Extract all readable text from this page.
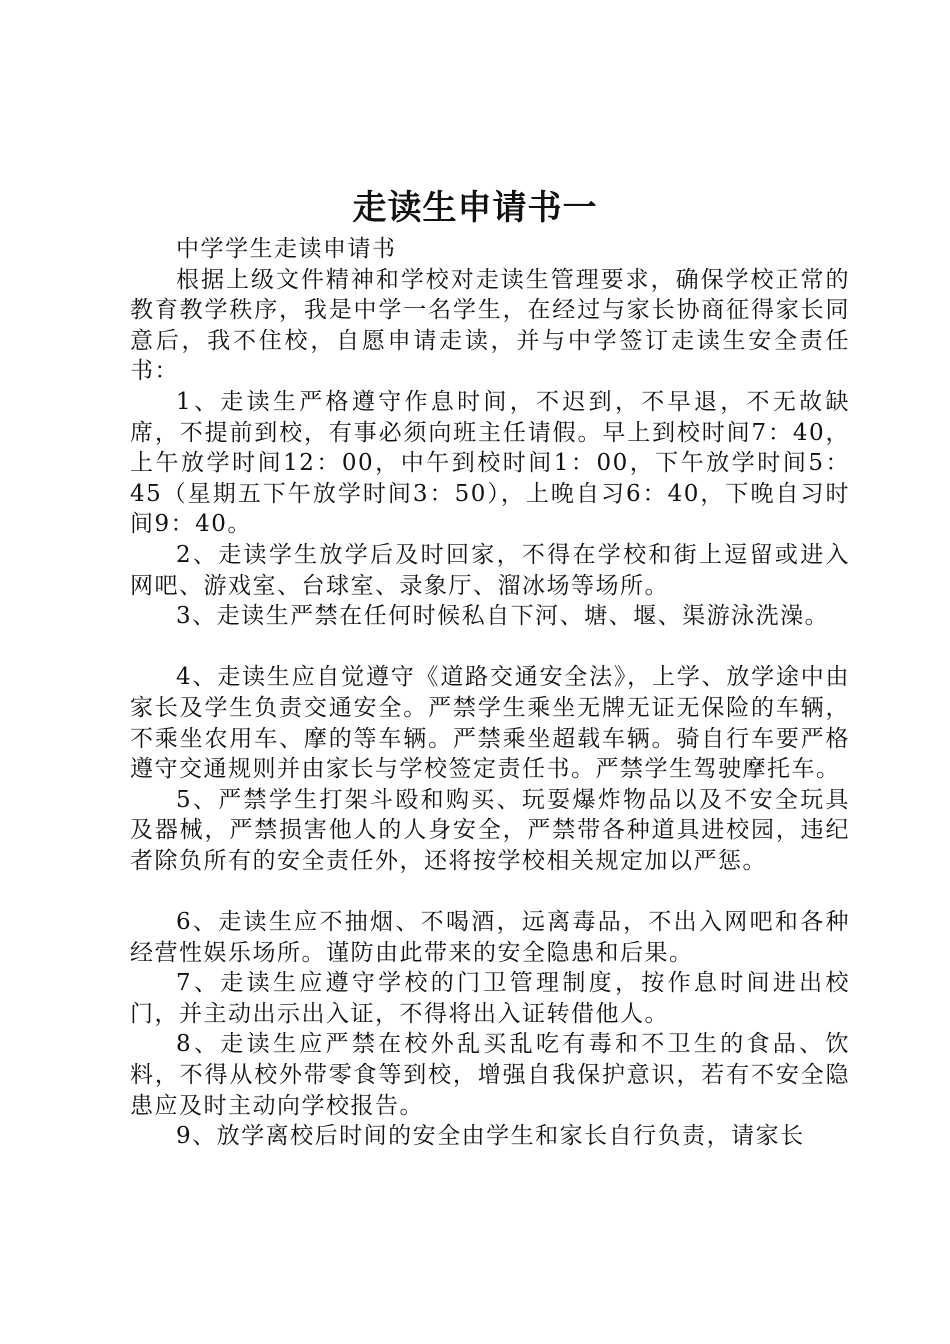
走读生申请书一

中学学生走读申请书

根据上级文件精神和学校对走读生管理要求，确保学校正常的教育教学秩序，我是中学一名学生，在经过与家长协商征得家长同意后，我不住校，自愿申请走读，并与中学签订走读生安全责任书：

1、走读生严格遵守作息时间，不迟到，不早退，不无故缺席，不提前到校，有事必须向班主任请假。早上到校时间7：40，上午放学时间12：00，中午到校时间1：00，下午放学时间5：45（星期五下午放学时间3：50），上晚自习6：40，下晚自习时间9：40。

2、走读学生放学后及时回家，不得在学校和街上逗留或进入网吧、游戏室、台球室、录象厅、溜冰场等场所。

3、走读生严禁在任何时候私自下河、塘、堰、渠游泳洗澡。

4、走读生应自觉遵守《道路交通安全法》，上学、放学途中由家长及学生负责交通安全。严禁学生乘坐无牌无证无保险的车辆，不乘坐农用车、摩的等车辆。严禁乘坐超载车辆。骑自行车要严格遵守交通规则并由家长与学校签定责任书。严禁学生驾驶摩托车。

5、严禁学生打架斗殴和购买、玩耍爆炸物品以及不安全玩具及器械，严禁损害他人的人身安全，严禁带各种道具进校园，违纪者除负所有的安全责任外，还将按学校相关规定加以严惩。

6、走读生应不抽烟、不喝酒，远离毒品，不出入网吧和各种经营性娱乐场所。谨防由此带来的安全隐患和后果。

7、走读生应遵守学校的门卫管理制度，按作息时间进出校门，并主动出示出入证，不得将出入证转借他人。

8、走读生应严禁在校外乱买乱吃有毒和不卫生的食品、饮料，不得从校外带零食等到校，增强自我保护意识，若有不安全隐患应及时主动向学校报告。

9、放学离校后时间的安全由学生和家长自行负责，请家长
